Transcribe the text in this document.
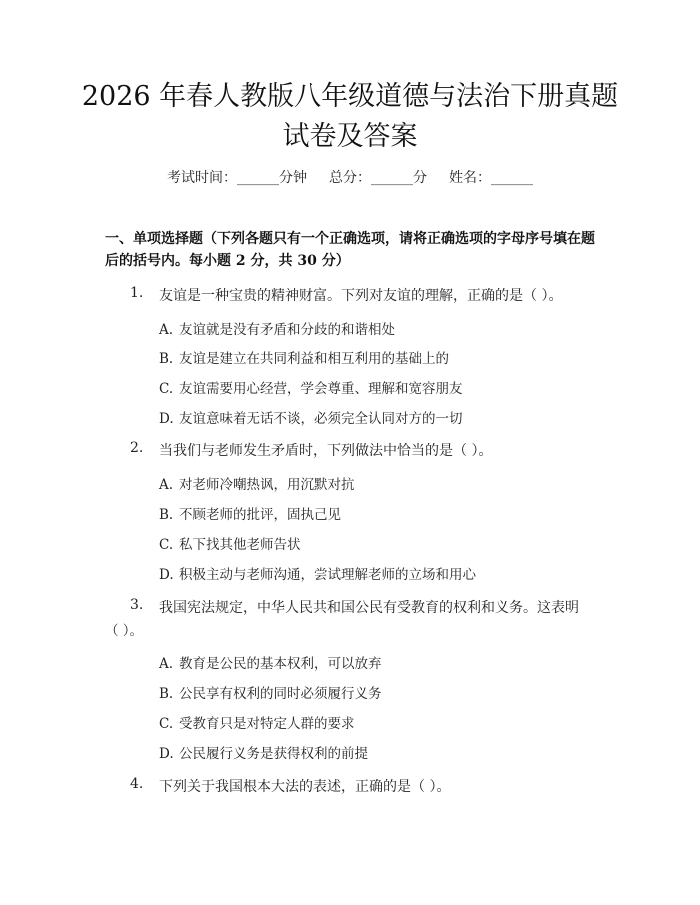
2026 年春人教版八年级道德与法治下册真题
试卷及答案
考试时间：______分钟 总分：______分 姓名：______
一、单项选择题（下列各题只有一个正确选项，请将正确选项的字母序号填在题
后的括号内。每小题 2 分，共 30 分）
1. 友谊是一种宝贵的精神财富。下列对友谊的理解，正确的是（ ）。
A. 友谊就是没有矛盾和分歧的和谐相处
B. 友谊是建立在共同利益和相互利用的基础上的
C. 友谊需要用心经营，学会尊重、理解和宽容朋友
D. 友谊意味着无话不谈，必须完全认同对方的一切
2. 当我们与老师发生矛盾时，下列做法中恰当的是（ ）。
A. 对老师冷嘲热讽，用沉默对抗
B. 不顾老师的批评，固执己见
C. 私下找其他老师告状
D. 积极主动与老师沟通，尝试理解老师的立场和用心
3. 我国宪法规定，中华人民共和国公民有受教育的权利和义务。这表明
（ ）。
A. 教育是公民的基本权利，可以放弃
B. 公民享有权利的同时必须履行义务
C. 受教育只是对特定人群的要求
D. 公民履行义务是获得权利的前提
4. 下列关于我国根本大法的表述，正确的是（ ）。
